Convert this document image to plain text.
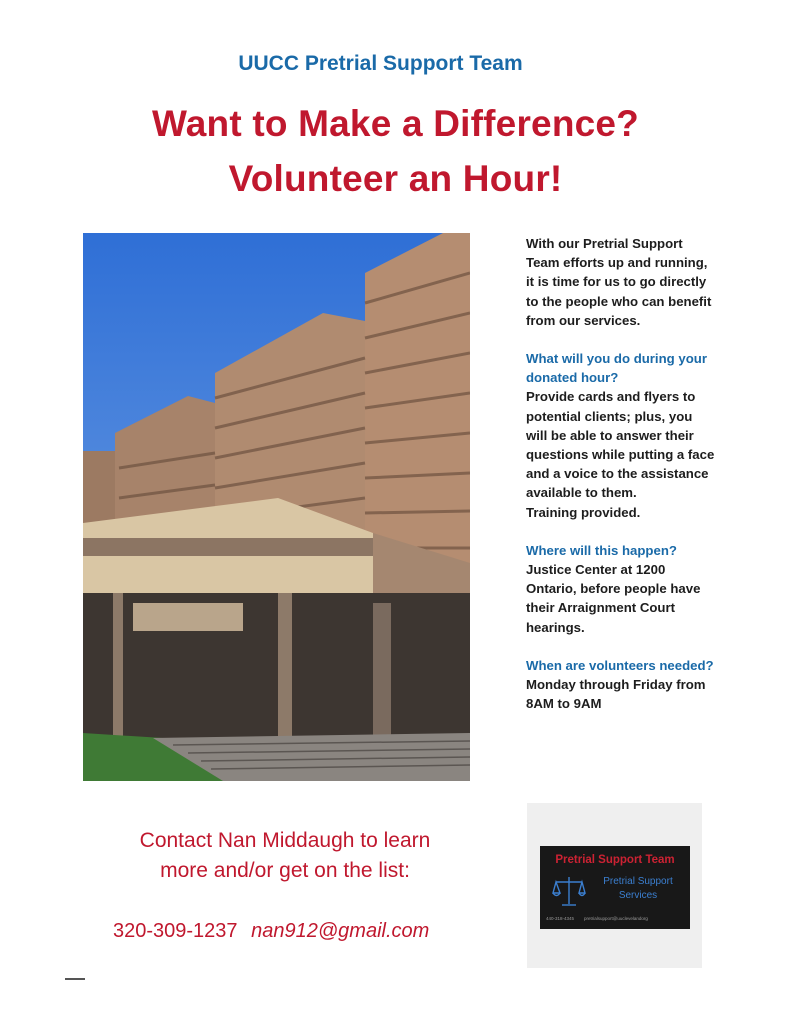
UUCC Pretrial Support Team
Want to Make a Difference?
Volunteer an Hour!

With our Pretrial Support Team efforts up and running, it is time for us to go directly to the people who can benefit from our services.

What will you do during your donated hour?

Provide cards and flyers to potential clients; plus, you will be able to answer their questions while putting a face and a voice to the assistance available to them.

Training provided.

Where will this happen?

Justice Center at 1200 Ontario, before people have their Arraignment Court hearings.

When are volunteers needed?

Monday through Friday from 8AM to 9AM

Contact Nan Middaugh to learn
more and/or get on the list:
320-309-1237 nan912@gmail.com
Pretrial Support Team
Pretrial Support
Services
440-318-4345 pretrialsupport@uuclevelandorg
